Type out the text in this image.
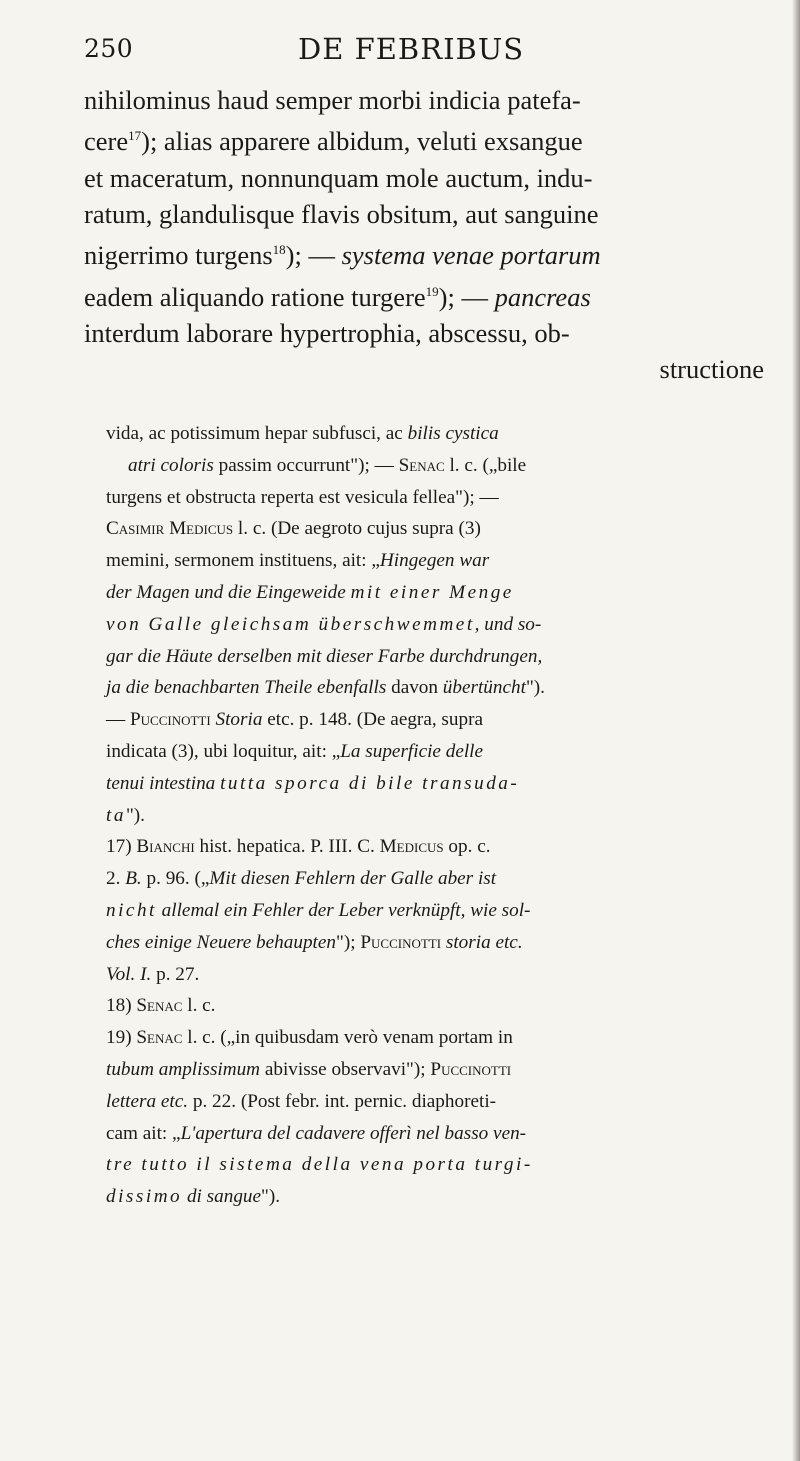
250	DE FEBRIBUS
nihilominus haud semper morbi indicia patefa-
cere$^{17}$); alias apparere albidum, veluti exsangue
et maceratum, nonnunquam mole auctum, indu-
ratum, glandulisque flavis obsitum, aut sanguine
nigerrimo turgens$^{18}$); — systema venae portarum
eadem aliquando ratione turgere$^{19}$); — pancreas
interdum laborare hypertrophia, abscessu, ob-
structione
vida, ac potissimum hepar subfusci, ac bilis cystica
atri coloris passim occurrunt"); — Senac l. c. („bile
turgens et obstructa reperta est vesicula fellea"); —
Casimir Medicus l. c. (De aegroto cujus supra (3)
memini, sermonem instituens, ait: „Hingegen war
der Magen und die Eingeweide mit einer Menge
von Galle gleichsam überschwemmet, und so-
gar die Häute derselben mit dieser Farbe durchdrungen,
ja die benachbarten Theile ebenfalls davon übertüncht").
— Puccinotti Storia etc. p. 148. (De aegra, supra
indicata (3), ubi loquitur, ait: „La superficie delle
tenui intestina tutta sporca di bile transuda-
ta").
17) Bianchi hist. hepatica. P. III. C. Medicus op. c.
2. B. p. 96. („Mit diesen Fehlern der Galle aber ist
nicht allemal ein Fehler der Leber verknüpft, wie sol-
ches einige Neuere behaupten"); Puccinotti storia etc.
Vol. I. p. 27.
18) Senac l. c.
19) Senac l. c. („in quibusdam verò venam portam in
tubum amplissimum abivisse observavi"); Puccinotti
lettera etc. p. 22. (Post febr. int. pernic. diaphoreti-
cam ait: „L'apertura del cadavere offerì nel basso ven-
tre tutto il sistema della vena porta turgi-
dissimo di sangue").
